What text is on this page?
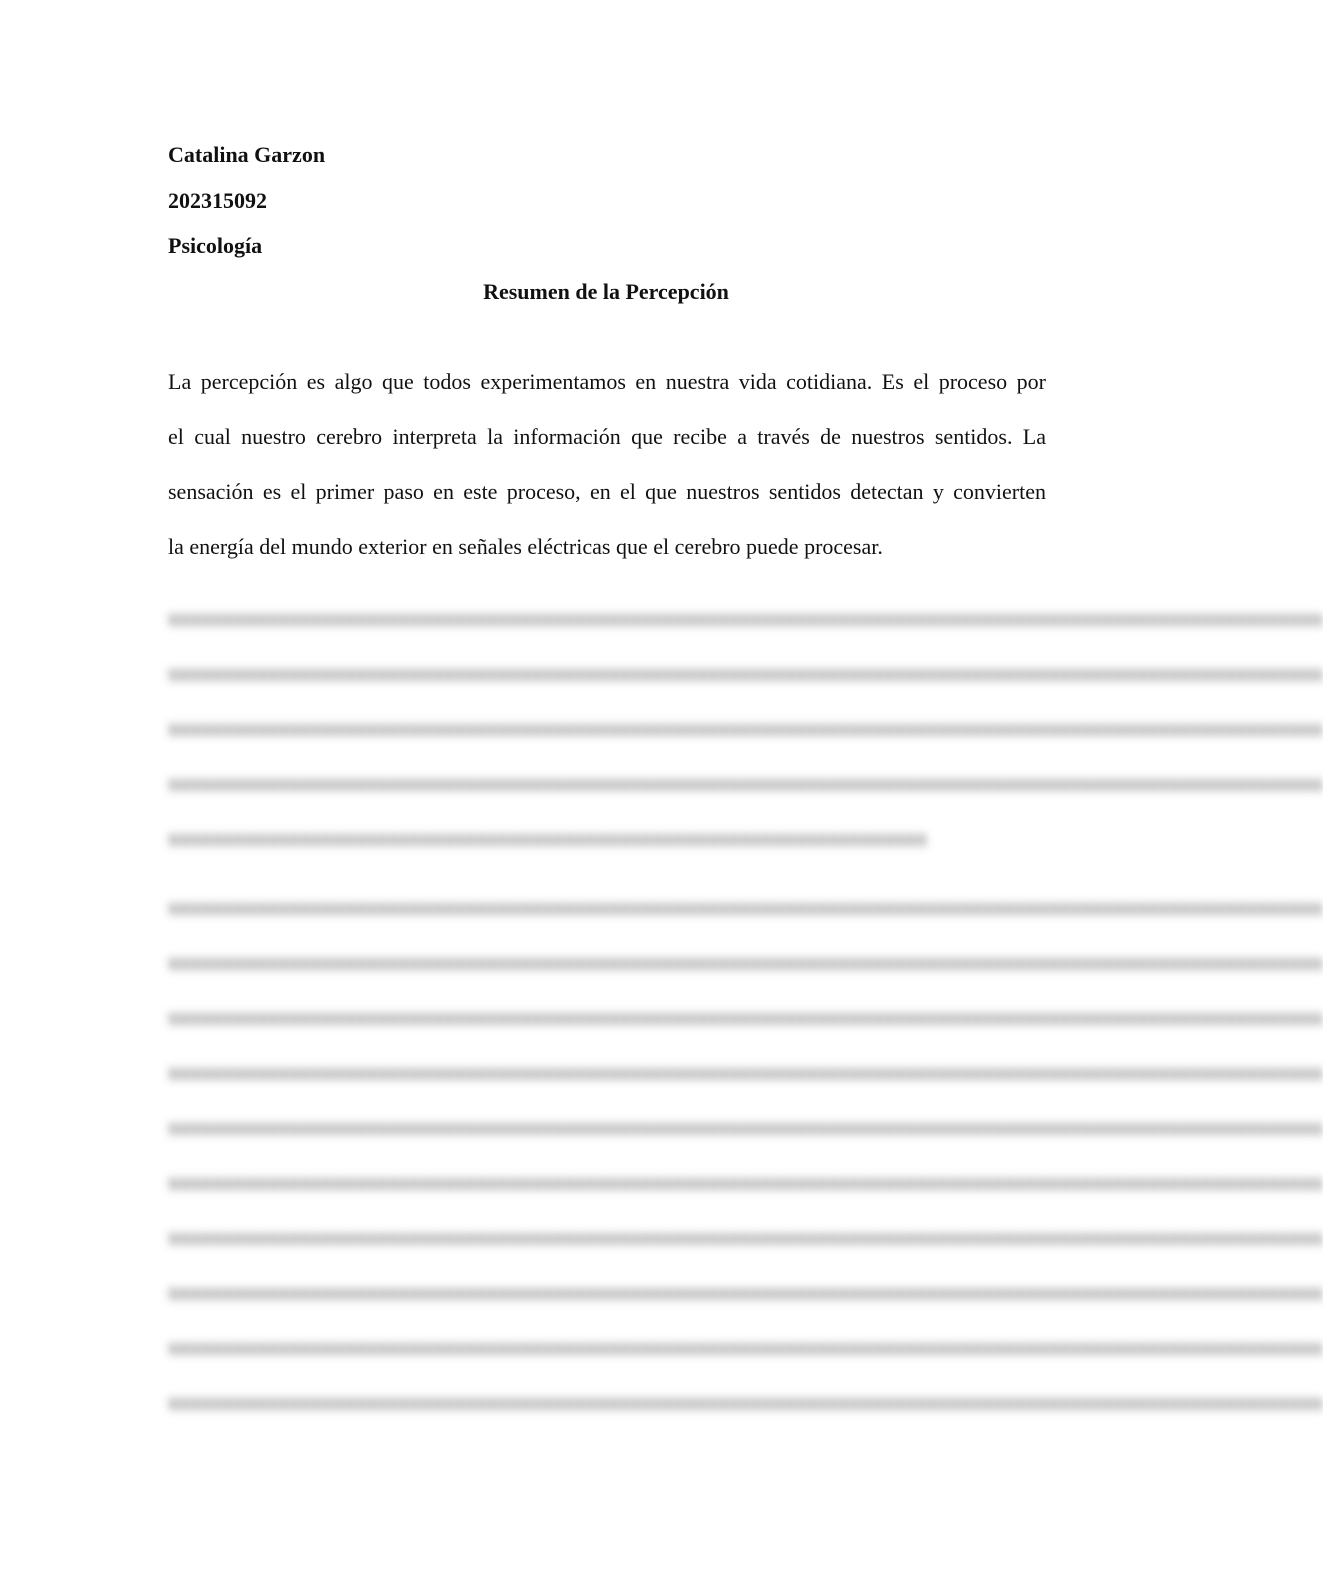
Catalina Garzon
202315092
Psicología
Resumen de la Percepción
La percepción es algo que todos experimentamos en nuestra vida cotidiana. Es el proceso por
el cual nuestro cerebro interpreta la información que recibe a través de nuestros sentidos. La
sensación es el primer paso en este proceso, en el que nuestros sentidos detectan y convierten
la energía del mundo exterior en señales eléctricas que el cerebro puede procesar.
xxxxxxxxxxxxxxxxxxxxxxxxxxxxxxxxxxxxxxxxxxxxxxxxxxxxxxxxxxxxxxxxxxxxxxxxxxxxxxxxxxxxxxxxxxxxxxxxxxxxxxxxx
xxxxxxxxxxxxxxxxxxxxxxxxxxxxxxxxxxxxxxxxxxxxxxxxxxxxxxxxxxxxxxxxxxxxxxxxxxxxxxxxxxxxxxxxxxxxxxxxxxxxxxxxx
xxxxxxxxxxxxxxxxxxxxxxxxxxxxxxxxxxxxxxxxxxxxxxxxxxxxxxxxxxxxxxxxxxxxxxxxxxxxxxxxxxxxxxxxxxxxxxxxxxxxxxxxx
xxxxxxxxxxxxxxxxxxxxxxxxxxxxxxxxxxxxxxxxxxxxxxxxxxxxxxxxxxxxxxxxxxxxxxxxxxxxxxxxxxxxxxxxxxxxxxxxxxxxxxxxx
xxxxxxxxxxxxxxxxxxxxxxxxxxxxxxxxxxxxxxxxxxxxxxxxxxxxxxxxxxxxxxxxxxxxx
xxxxxxxxxxxxxxxxxxxxxxxxxxxxxxxxxxxxxxxxxxxxxxxxxxxxxxxxxxxxxxxxxxxxxxxxxxxxxxxxxxxxxxxxxxxxxxxxxxxxxxxxx
xxxxxxxxxxxxxxxxxxxxxxxxxxxxxxxxxxxxxxxxxxxxxxxxxxxxxxxxxxxxxxxxxxxxxxxxxxxxxxxxxxxxxxxxxxxxxxxxxxxxxxxxx
xxxxxxxxxxxxxxxxxxxxxxxxxxxxxxxxxxxxxxxxxxxxxxxxxxxxxxxxxxxxxxxxxxxxxxxxxxxxxxxxxxxxxxxxxxxxxxxxxxxxxxxxx
xxxxxxxxxxxxxxxxxxxxxxxxxxxxxxxxxxxxxxxxxxxxxxxxxxxxxxxxxxxxxxxxxxxxxxxxxxxxxxxxxxxxxxxxxxxxxxxxxxxxxxxxx
xxxxxxxxxxxxxxxxxxxxxxxxxxxxxxxxxxxxxxxxxxxxxxxxxxxxxxxxxxxxxxxxxxxxxxxxxxxxxxxxxxxxxxxxxxxxxxxxxxxxxxxxx
xxxxxxxxxxxxxxxxxxxxxxxxxxxxxxxxxxxxxxxxxxxxxxxxxxxxxxxxxxxxxxxxxxxxxxxxxxxxxxxxxxxxxxxxxxxxxxxxxxxxxxxxx
xxxxxxxxxxxxxxxxxxxxxxxxxxxxxxxxxxxxxxxxxxxxxxxxxxxxxxxxxxxxxxxxxxxxxxxxxxxxxxxxxxxxxxxxxxxxxxxxxxxxxxxxx
xxxxxxxxxxxxxxxxxxxxxxxxxxxxxxxxxxxxxxxxxxxxxxxxxxxxxxxxxxxxxxxxxxxxxxxxxxxxxxxxxxxxxxxxxxxxxxxxxxxxxxxxx
xxxxxxxxxxxxxxxxxxxxxxxxxxxxxxxxxxxxxxxxxxxxxxxxxxxxxxxxxxxxxxxxxxxxxxxxxxxxxxxxxxxxxxxxxxxxxxxxxxxxxxxxx
xxxxxxxxxxxxxxxxxxxxxxxxxxxxxxxxxxxxxxxxxxxxxxxxxxxxxxxxxxxxxxxxxxxxxxxxxxxxxxxxxxxxxxxxxxxxxxxxxxxxxxxxx
